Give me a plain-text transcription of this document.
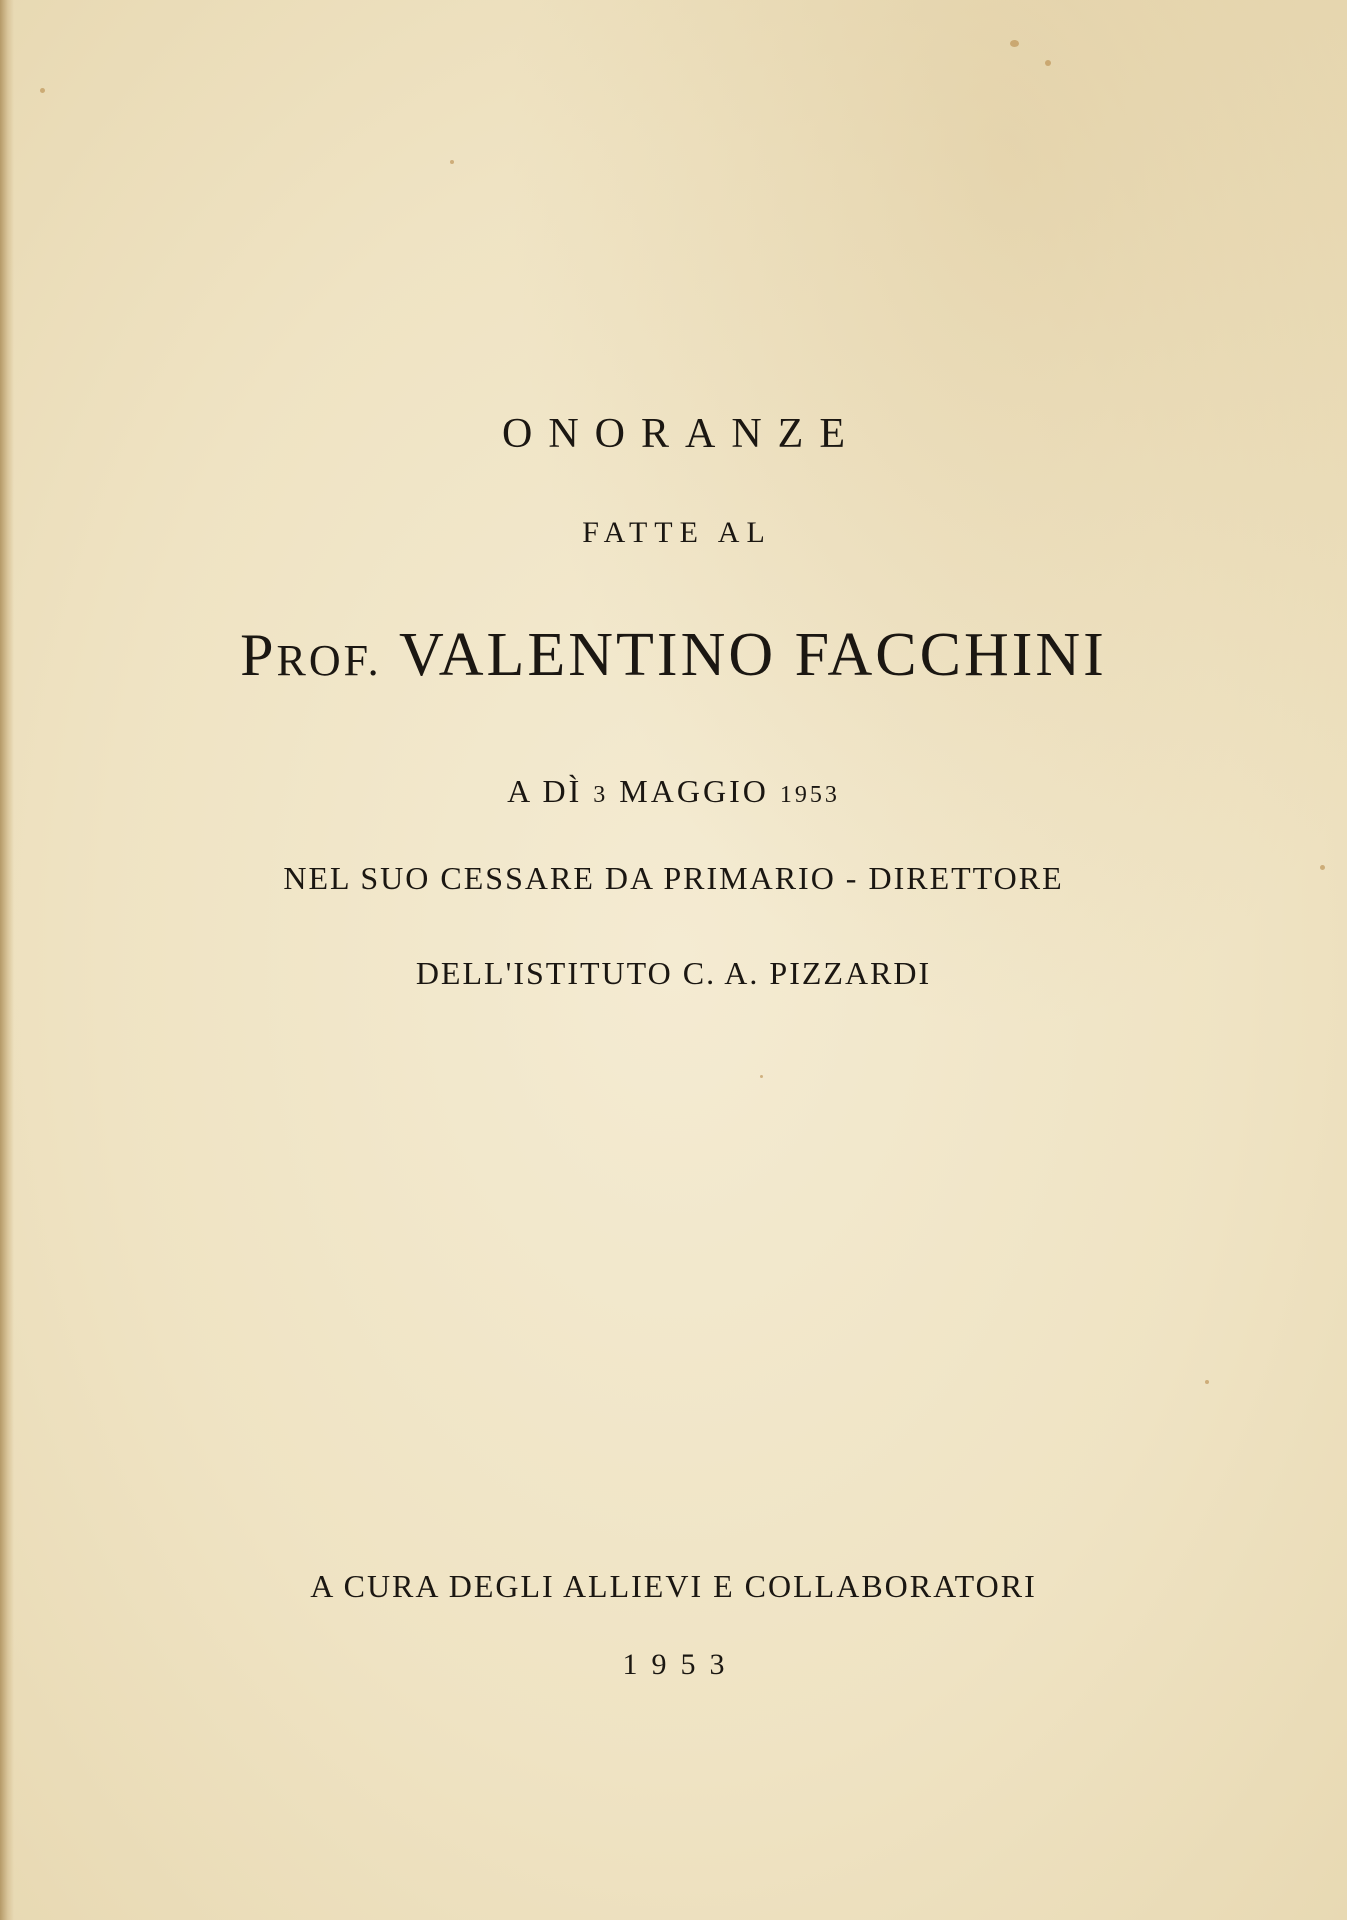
ONORANZE
FATTE AL
PROF. VALENTINO FACCHINI
A DÌ 3 MAGGIO 1953
NEL SUO CESSARE DA PRIMARIO - DIRETTORE
DELL'ISTITUTO C. A. PIZZARDI
A CURA DEGLI ALLIEVI E COLLABORATORI
1953
